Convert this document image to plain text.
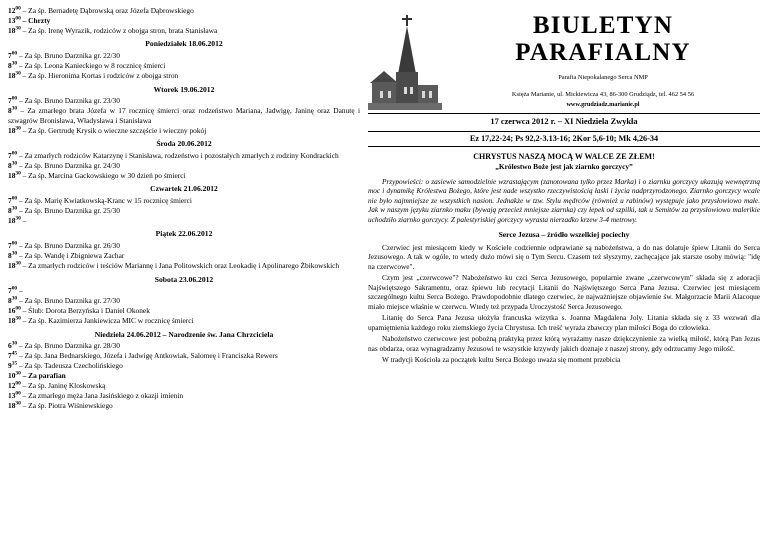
$12^{00}$ – Za śp. Bernadetę Dąbrowską oraz Józefa Dąbrowskiego

$13^{00}$ – Chrzty

$18^{30}$ – Za śp. Irenę Wyrazik, rodziców z obojga stron, brata Stanisława

Poniedziałek 18.06.2012

$7^{00}$ – Za śp. Bruno Darznika gr. 22/30

$8^{30}$ – Za śp. Leona Kanieckiego w 8 rocznicę śmierci

$18^{30}$ – Za śp. Hieronima Kortas i rodziców z obojga stron

Wtorek 19.06.2012

$7^{00}$ – Za śp. Bruno Darznika gr. 23/30

$8^{30}$ – Za zmarłego brata Józefa w 17 rocznicę śmierci oraz rodzeństwo Mariana, Jadwigę, Janinę oraz Danutę i szwagrów Bronisława, Władysława i Stanisława

$18^{30}$ – Za śp. Gertrudę Krysik o wieczne szczęście i wieczny pokój

Środa 20.06.2012

$7^{00}$ – Za zmarłych rodziców Katarzynę i Stanisława, rodzeństwo i pozostałych zmarłych z rodziny Kondrackich

$8^{30}$ – Za śp. Bruno Darznika gr. 24/30

$18^{30}$ – Za śp. Marcina Gackowskiego w 30 dzień po śmierci

Czwartek 21.06.2012

$7^{00}$ – Za śp. Marię Kwiatkowską-Kranc w 15 rocznicę śmierci

$8^{30}$ – Za śp. Bruno Darznika gr. 25/30

$18^{30}$ –

Piątek 22.06.2012

$7^{00}$ – Za śp. Bruno Darznika gr. 26/30

$8^{30}$ – Za śp. Wandę i Zbigniewa Zachar

$18^{30}$ – Za zmarłych rodziców i teściów Mariannę i Jana Politowskich oraz Leokadię i Apolinarego Żbikowskich

Sobota 23.06.2012

$7^{00}$ –

$8^{30}$ – Za śp. Bruno Darznika gr. 27/30

$16^{00}$ – Ślub: Dorota Berzyńska i Daniel Okonek

$18^{30}$ – Za śp. Kazimierza Jankiewicza MIC w rocznicę śmierci

Niedziela 24.06.2012 – Narodzenie św. Jana Chrzciciela

$6^{30}$ – Za śp. Bruno Darznika gr. 28/30

$7^{45}$ – Za śp. Jana Bednarskiego, Józefa i Jadwigę Antkowiak, Salomeę i Franciszka Rewers

$9^{15}$ – Za śp. Tadeusza Czecholińskiego

$10^{30}$ – Za parafian

$12^{00}$ – Za śp. Janinę Kloskowską

$13^{00}$ – Za zmarłego męża Jana Jasińskiego z okazji imienin

$18^{30}$ – Za śp. Piotra Wiśniewskiego

BIULETYN
PARAFIALNY
Parafia Niepokalanego Serca NMP
Księża Marianie, ul. Mickiewicza 43, 86-300 Grudziądz, tel. 462 54 56
www.grudziadz.marianie.pl
17 czerwca 2012 r. – XI Niedziela Zwykła
Ez 17,22-24; Ps 92,2-3.13-16; 2Kor 5,6-10; Mk 4,26-34
CHRYSTUS NASZĄ MOCĄ W WALCE ZE ZŁEM!
„Królestwo Boże jest jak ziarnko gorczycy”

Przypowieści: o zasiewie samodzielnie wzrastającym (zanotowana tylko przez Marka) i o ziarnku gorczycy ukazują wewnętrzną moc i dynamikę Królestwa Bożego, które jest nade wszystko rzeczywistością łaski i życia nadprzyrodzonego. Ziarnko gorczycy wcale nie było najmniejsze ze wszystkich nasion. Jednakże w tzw. Stylu mędrców (również u rabinów) występuje jako przysłowiowo małe. Jak w naszym języku ziarnko maku (bywają przecież mniejsze ziarnka) czy łepek od szpilki, tak u Semitów za przysłowiowo malerikie uchodziło ziarnko gorczycy. Z palestyriskiej gorczycy wyrasta nierzadko krzew 3-4 metrowy.

Serce Jezusa – źródło wszelkiej pociechy

Czerwiec jest miesiącem kiedy w Kościele codziennie odprawiane są nabożeństwa, a do nas dolatuje śpiew Litanii do Serca Jezusowego. A tak w ogóle, to wtedy dużo mówi się o Tym Sercu. Czasem też słyszymy, zachęcające jak starsze osoby mówią: "idę na czerwcowe".

Czym jest „czerwcowe"? Nabożeństwo ku czci Serca Jezusowego, popularnie zwane „czerwcowym" składa się z adoracji Najświętszego Sakramentu, oraz śpiewu lub recytacji Litanii do Najświętszego Serca Pana Jezusa. Czerwiec jest miesiącem szczególnego kultu Serca Bożego. Prawdopodobnie dlatego czerwiec, że najważniejsze objawienie św. Małgorzacie Marii Alacoque miało miejsce właśnie w czerwcu. Wtedy też przypada Uroczystość Serca Jezusowego.

Litanię do Serca Pana Jezusa ułożyła francuska wizytka s. Joanna Magdalena Joly. Litania składa się z 33 wezwań dla upamiętnienia każdego roku ziemskiego życia Chrystusa. Ich treść wyraża zbawczy plan miłości Boga do człowieka.

Nabożeństwo czerwcowe jest pobożną praktyką przez którą wyrażamy nasze dziękczynienie za wielką miłość, którą Pan Jezus nas obdarza, oraz wynagradzamy Jezusowi te wszystkie krzywdy jakich doznaje z naszej strony, gdy odrzucamy Jego miłość.

W tradycji Kościoła za początek kultu Serca Bożego uważa się moment przebicia
